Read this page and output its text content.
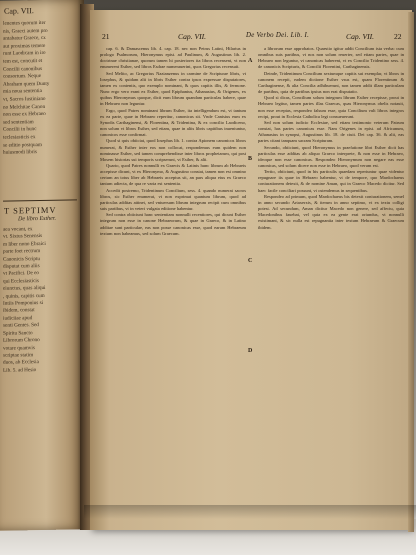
Cap. VII.
lenentes quorum iter
nis, Graeci autem pro
antabatur Graece, cx
aut proximas temere
runt Laodicam in ire
tem est, concutit et
Concilii canonibus
consortum. Neque
Abraham quem Dunty
mia noua sententia
vt, Sacros Iustiniano
no Melchitae Canon
non esse ex Hebraeo
sed sententiam
Concilii in hunc
teclesiasticis ex
se editio postquam
huiusmodi libris
T SEPTIMV
De libro Esther.
aea vocant, ex
vt. Sixtus Senensis
m liber nono Ebraici
parte foet rectrum
Canonicis Scriptu
disputat cum aliis
vt Pacifici. De eo
qui Ecclesiasticis
eiunctus, quas aliqui
, quinis, capitis cum
Intiis Pomponius si
ibidem, constat
iudiciiae apud
senti Gentes. Sed
Spiritu Sancto
Librorum Chrono
votare quamvis
scriptae statim
duos, ab Ecclesia
Lib. 5. ad Hesio
21	Cap. VII.	De Verbo Dei. Lib. I.	Cap. VII.	22

cap. 6. & Damascenus lib. 4. cap. 18. nec non Petrus Latini, Hilarius in prologo Psalmorum, Hieronymus epist. ad Paulinum, & Augustinus lib. 2. doctrinae christianae, quorum tamen hi posteriores ita libros recensent, vt non enumerent Esther, sed libros Esdrae numerauerint, quos Gregorius recensuit.

Sed Melito, ac Gregorius Nazianzenus in carmine de Scripturae libris, vt Iosephus, & quidam alii in libris Esther contra ipsos expressae disputatores, tamen ex contentis, quo exemplo nominant, & quos capitis illis, & fermone. Nunc ergo vero erant ex Esther, quod Epiphanius, Athanasius, & Origenes, ex quibus Hieronymus quoque, dicit eum librum quandam particulas habere, quae in Hebraeo non leguntur.

Ergo, quod Patres nominant librum Esther, ita intelligendum est, vt tantum ex ea parte, quae in Hebraeo reperitur, canonicus sit. Vnde Canisius eum ex Synodis Carthaginensi, & Florentina, & Tridentina, & ex concilio Laodiceno, non solum vt libros Esther, sed etiam, quae in aliis libris capitibus inueniuntur, canonicos esse confirmat.

Quod si quis obiiciat, quod Iosephus lib. 1. contra Apionem canonicos libros numerat, & Esther inter eos non collocat, respondemus eum quidem non nominasse Esther, sed tamen comprehendisse inter libros prophetarum, qui post Mosem historias sui temporis scripserunt, vt Esther, & alii.

Quarto, quod Patres nonnulli ex Graecis & Latinis hunc librum ab Hebraeis accepisse dicunt, vt ex Hieronymo, & Augustino constat, tamen non est omnino certum an totus liber ab Hebraeis acceptus sit, an pars aliqua eius ex Graeco tantum adiecta, de qua re varia est sententia.

Accedit postremo, Tridentinum Concilium, sess. 4. quando numerat sacros libros, sic Esther enumerat, vt non exprimat quantum librum, quod ad particulas additas attinet, sed vniuersum librum integrum recipit cum omnibus suis partibus, vt in veteri vulgata editione habentur.

Sed contra obiiciunt hanc sententiam nonnulli recentiores, qui dicunt Esther integrum non esse in canone Hebraeorum, & quae in Graeco, & in Latino additae sunt particulae, eas non posse canonicas esse, quod earum Hebraeum textum non habeamus, sed solum Graecum.

A
B
C
D

a librorum esse approbatos. Quaestio igitur addit Concilium ista verba: cum omnibus suis partibus, vt nos non solum reuerter, sed etiam partes, quae in Hebraeo non leguntur, vt canonicas haberent, vt ex Concilio Tridentino sess. 4. de canonicis Scripturis, & Concilii Florentini, Carthaginensis.

Deinde, Tridentinum Concilium sextumque capitis sui exemplar, vt libros in canonem recepit, eadem dictione Esther vsus est, quam Florentinum & Carthaginense, & alia Concilia adhibuerunt, non tamen addit illam particulam de partibus, quia de partibus ipsius non erat disputatio.

Quod si dicas, Concilium solum integrum librum Esther recepisse, prout in Hebraeo legitur, tamen partes illas Graecas, quas Hieronymus obelis notauit, non esse receptas, respondeo falsum esse, quia Concilium vult libros integros recipi, prout in Ecclesia Catholica legi consueuerunt.

Sed non solum iudicio Ecclesiae, sed etiam testimonio veterum Patrum constat, has partes canonicas esse. Nam Origenes in epist. ad Africanum, Athanasius in synopsi, Augustinus lib. 18. de ciuit. Dei cap. 36. & alii, eas partes citant tanquam sacram Scripturam.

Secundo, obiiciunt, quod Hieronymus in praefatione libri Esther dicit has particulas esse additas ab aliquo Graeco interprete, & non esse in Hebraeo, ideoque non esse canonicas. Respondeo Hieronymum non negare eas esse canonicas, sed solum dicere non esse in Hebraeo, quod verum est.

Tertio, obiiciunt, quod in his particulis quaedam reperiuntur quae videntur repugnare iis quae in Hebraeo habentur, vt de tempore, quo Mardochaeus coniurationem detexit, & de nomine Aman, qui in Graeco Macedo dicitur. Sed haec facile conciliari possunt, vt ostendemus in sequentibus.

Respondeo ad primum, quod Mardochaeus bis detexit coniurationem, semel in anno secundo Artaxerxis, & iterum in anno septimo, vt ex textu colligi potest. Ad secundum, Aman dicitur Macedo non genere, sed affectu, quia Macedonibus fauebat, vel quia ex ea gente erat oriundus, vt nonnulli existimant, & sic nulla est repugnantia inter textum Hebraeum & Graecum ibidem.
